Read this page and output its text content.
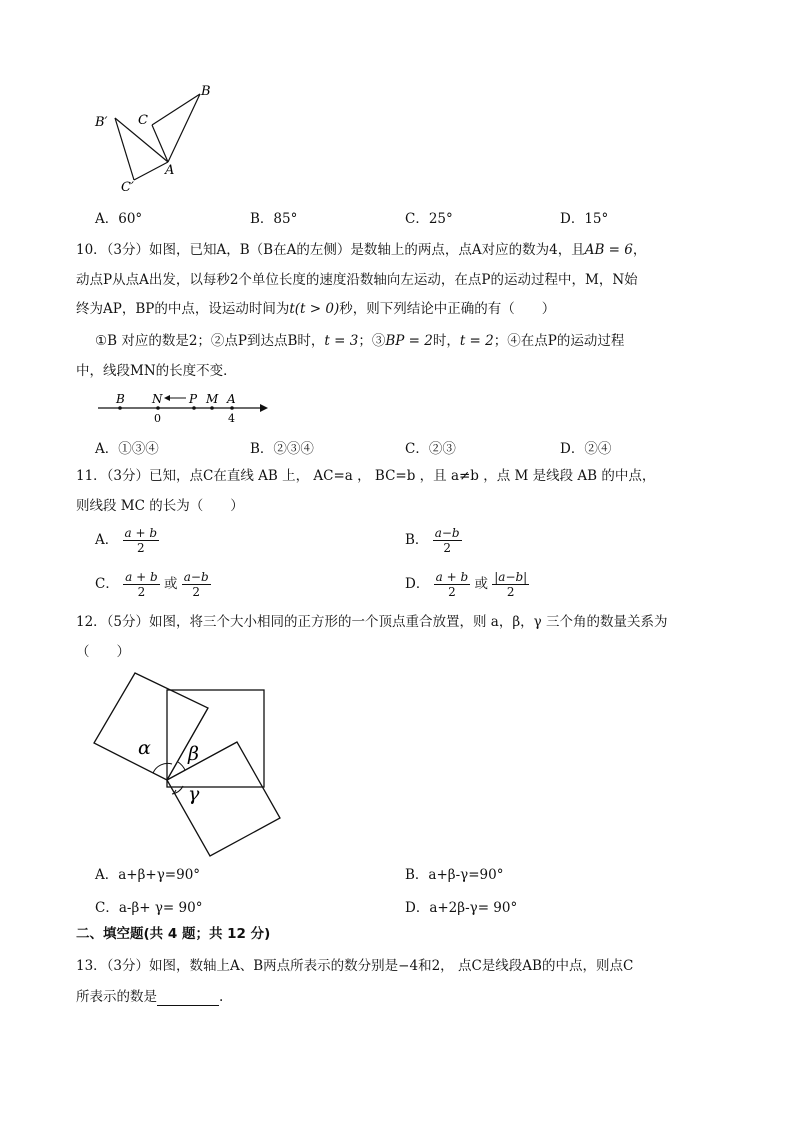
B
C
A
B′
C′
A．60°	B．85°	C．25°	D．15°
10．（3分）如图，已知A，B（B在A的左侧）是数轴上的两点，点A对应的数为4，且AB = 6，
动点P从点A出发，以每秒2个单位长度的速度沿数轴向左运动，在点P的运动过程中，M，N始
终为AP，BP的中点，设运动时间为t(t > 0)秒，则下列结论中正确的有（　　）
①B 对应的数是2；②点P到达点B时，t = 3；③BP = 2时，t = 2；④在点P的运动过程
中，线段MN的长度不变．
B N P M A
0	4
A．①③④	B．②③④	C．②③	D．②④
11．（3分）已知，点C在直线 AB 上， AC=a ， BC=b ，且 a≠b ，点 M 是线段 AB 的中点，
则线段 MC 的长为（　　）
A． $\frac{a + b}{2}$	B． $\frac{a-b}{2}$
C． $\frac{a + b}{2}$ 或 $\frac{a-b}{2}$	D． $\frac{a + b}{2}$ 或 $\frac{|a-b|}{2}$
12．（5分）如图，将三个大小相同的正方形的一个顶点重合放置，则 a，β，γ 三个角的数量关系为
（　　）
α β
γ
A．a+β+γ=90°	B．a+β-γ=90°
C．a-β+ γ= 90°	D．a+2β-γ= 90°
二、填空题(共 4 题；共 12 分)
13．（3分）如图，数轴上A、B两点所表示的数分别是−4和2， 点C是线段AB的中点，则点C
所表示的数是	.
